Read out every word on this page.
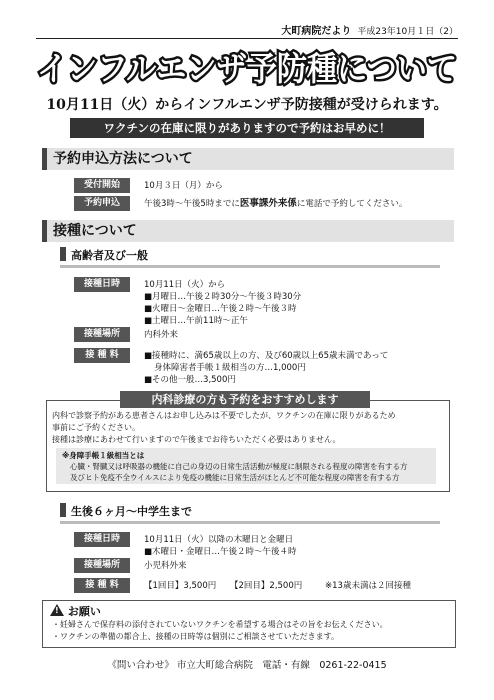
大町病院だより 平成23年10月１日（2）
インフルエンザ予防種について
10月11日（火）からインフルエンザ予防接種が受けられます。
ワクチンの在庫に限りがありますので予約はお早めに！
予約申込方法について
受付開始	10月３日（月）から
予約申込	午後3時〜午後5時までに医事課外来係に電話で予約してください。
接種について
高齢者及び一般
接種日時	10月11日（火）から
■月曜日…午後２時30分〜午後３時30分
■火曜日〜金曜日…午後２時〜午後３時
■土曜日…午前11時〜正午
接種場所	内科外来
接 種 料	■接種時に、満65歳以上の方、及び60歳以上65歳未満であって
身体障害者手帳１級相当の方…1,000円
■その他一般…3,500円
内科診療の方も予約をおすすめします
内科で診察予約がある患者さんはお申し込みは不要でしたが、ワクチンの在庫に限りがあるため
事前にご予約ください。
接種は診療にあわせて行いますので午後までお待ちいただく必要はありません。
※身障手帳１級相当とは
心臓・腎臓又は呼吸器の機能に自己の身辺の日常生活活動が極度に制限される程度の障害を有する方
及びヒト免疫不全ウイルスにより免疫の機能に日常生活がほとんど不可能な程度の障害を有する方
生後６ヶ月〜中学生まで
接種日時	10月11日（火）以降の木曜日と金曜日
■木曜日・金曜日…午後２時〜午後４時
接種場所	小児科外来
接 種 料	【1回目】3,500円 【2回目】2,500円	※13歳未満は２回接種
! お願い
・妊婦さんで保存料の添付されていないワクチンを希望する場合はその旨をお伝えください。
・ワクチンの準備の都合上、接種の日時等は個別にご相談させていただきます。
《問い合わせ》 市立大町総合病院　電話・有線　0261-22-0415
